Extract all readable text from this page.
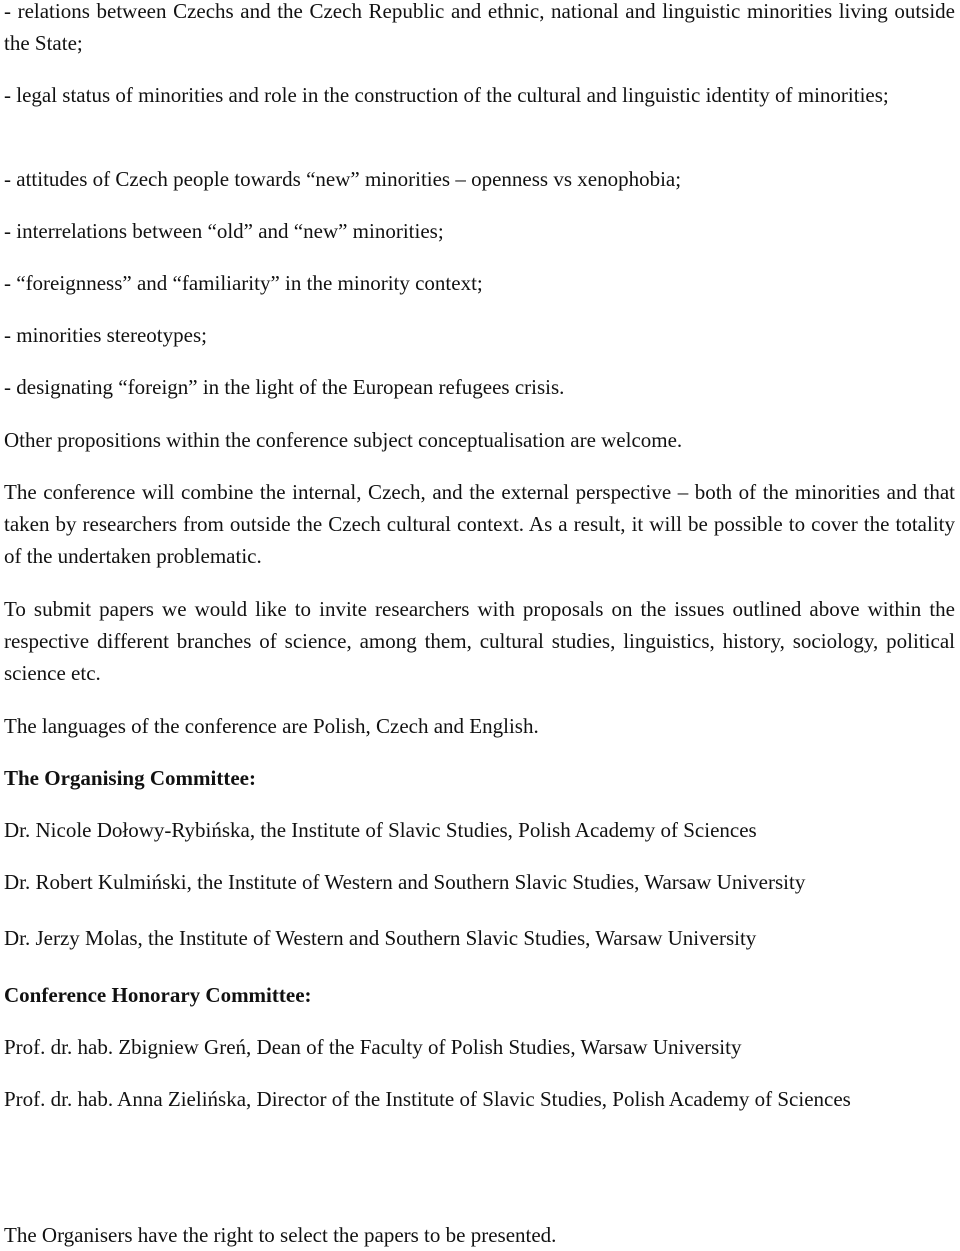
- relations between Czechs and the Czech Republic and ethnic, national and linguistic minorities living outside the State;

- legal status of minorities and role in the construction of the cultural and linguistic identity of minorities;

- attitudes of Czech people towards “new” minorities – openness vs xenophobia;

- interrelations between “old” and “new” minorities;

- “foreignness” and “familiarity” in the minority context;

- minorities stereotypes;

- designating “foreign” in the light of the European refugees crisis.

Other propositions within the conference subject conceptualisation are welcome.

The conference will combine the internal, Czech, and the external perspective – both of the minorities and that taken by researchers from outside the Czech cultural context. As a result, it will be possible to cover the totality of the undertaken problematic.

To submit papers we would like to invite researchers with proposals on the issues outlined above within the respective different branches of science, among them, cultural studies, linguistics, history, sociology, political science etc.

The languages of the conference are Polish, Czech and English.

The Organising Committee:

Dr. Nicole Dołowy-Rybińska, the Institute of Slavic Studies, Polish Academy of Sciences

Dr. Robert Kulmiński, the Institute of Western and Southern Slavic Studies, Warsaw University

Dr. Jerzy Molas, the Institute of Western and Southern Slavic Studies, Warsaw University

Conference Honorary Committee:

Prof. dr. hab. Zbigniew Greń, Dean of the Faculty of Polish Studies, Warsaw University

Prof. dr. hab. Anna Zielińska, Director of the Institute of Slavic Studies, Polish Academy of Sciences

The Organisers have the right to select the papers to be presented.
